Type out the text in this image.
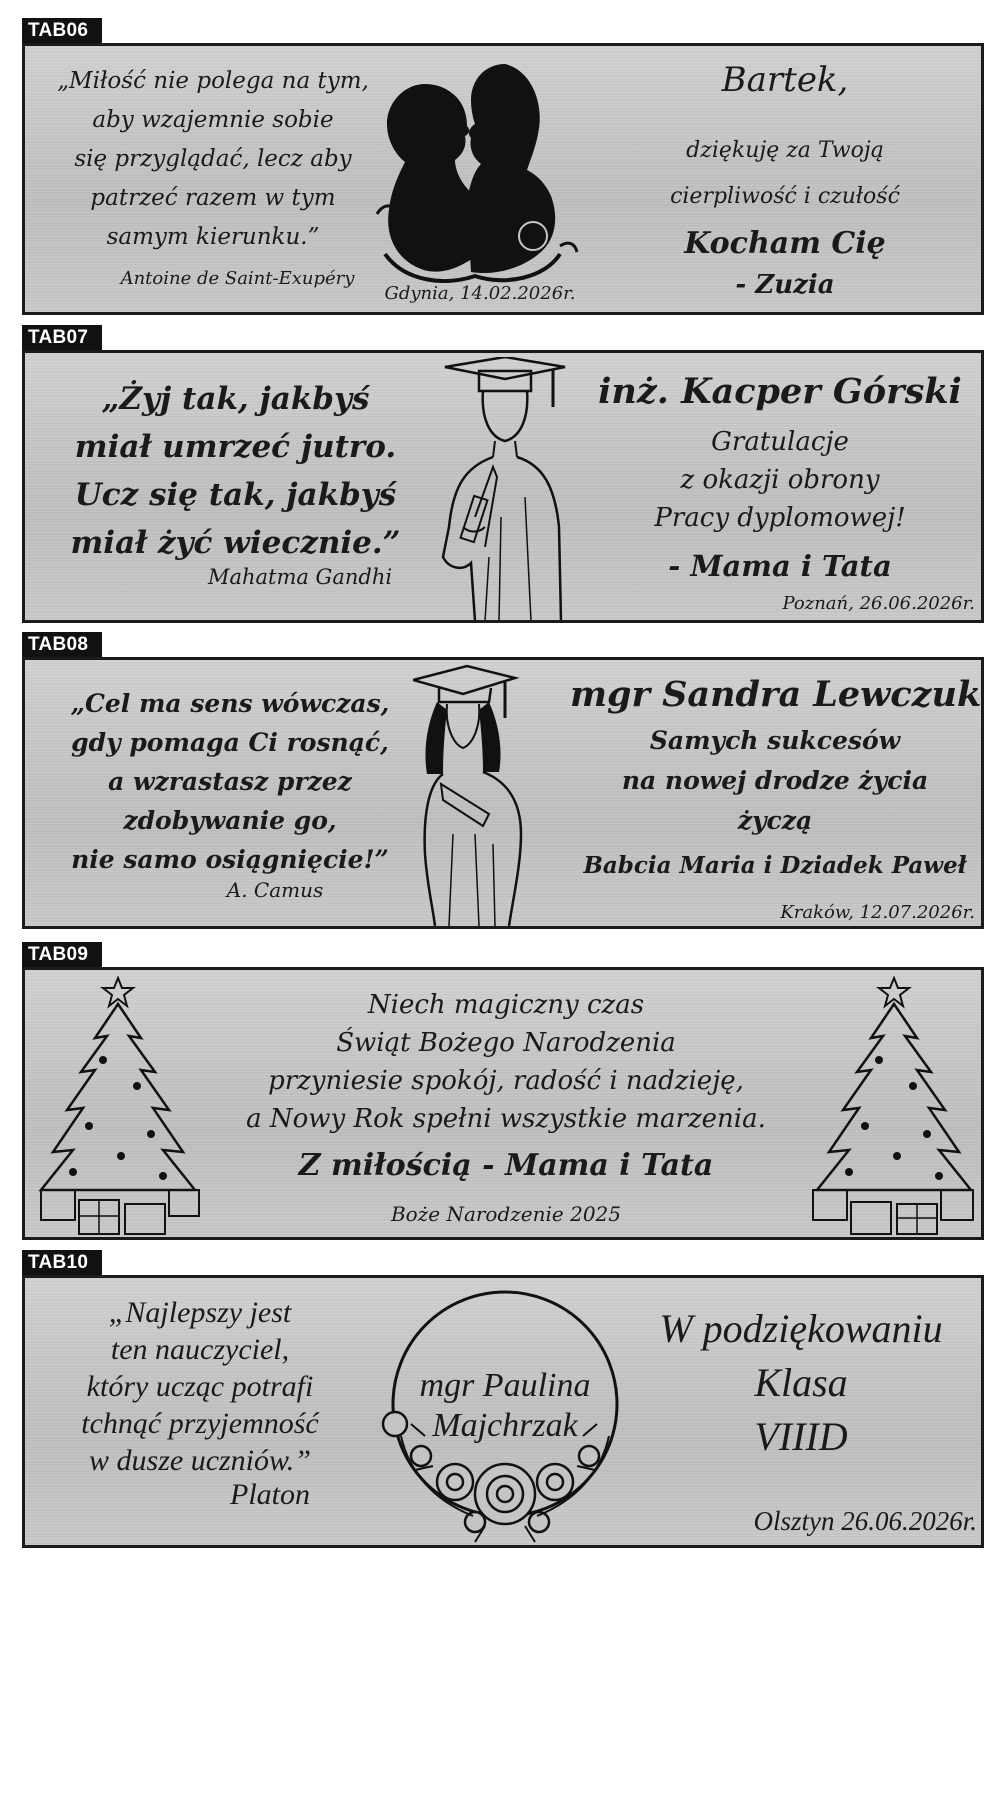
TAB06
„Miłość nie polega na tym,
aby wzajemnie sobie
się przyglądać, lecz aby
patrzeć razem w tym
samym kierunku.”
Antoine de Saint-Exupéry
Gdynia, 14.02.2026r.
Bartek,
dziękuję za Twoją
cierpliwość i czułość
Kocham Cię
- Zuzia
TAB07
„Żyj tak, jakbyś
miał umrzeć jutro.
Ucz się tak, jakbyś
miał żyć wiecznie.”
Mahatma Gandhi
inż. Kacper Górski
Gratulacje
z okazji obrony
Pracy dyplomowej!
- Mama i Tata
Poznań, 26.06.2026r.
TAB08
„Cel ma sens wówczas,
gdy pomaga Ci rosnąć,
a wzrastasz przez
zdobywanie go,
nie samo osiągnięcie!”
A. Camus
mgr Sandra Lewczuk
Samych sukcesów
na nowej drodze życia
życzą
Babcia Maria i Dziadek Paweł
Kraków, 12.07.2026r.
TAB09
Niech magiczny czas
Świąt Bożego Narodzenia
przyniesie spokój, radość i nadzieję,
a Nowy Rok spełni wszystkie marzenia.
Z miłością - Mama i Tata
Boże Narodzenie 2025
TAB10
„Najlepszy jest
ten nauczyciel,
który ucząc potrafi
tchnąć przyjemność
w dusze uczniów.”
Platon
mgr Paulina
Majchrzak
W podziękowaniu
Klasa
VIIID
Olsztyn 26.06.2026r.
